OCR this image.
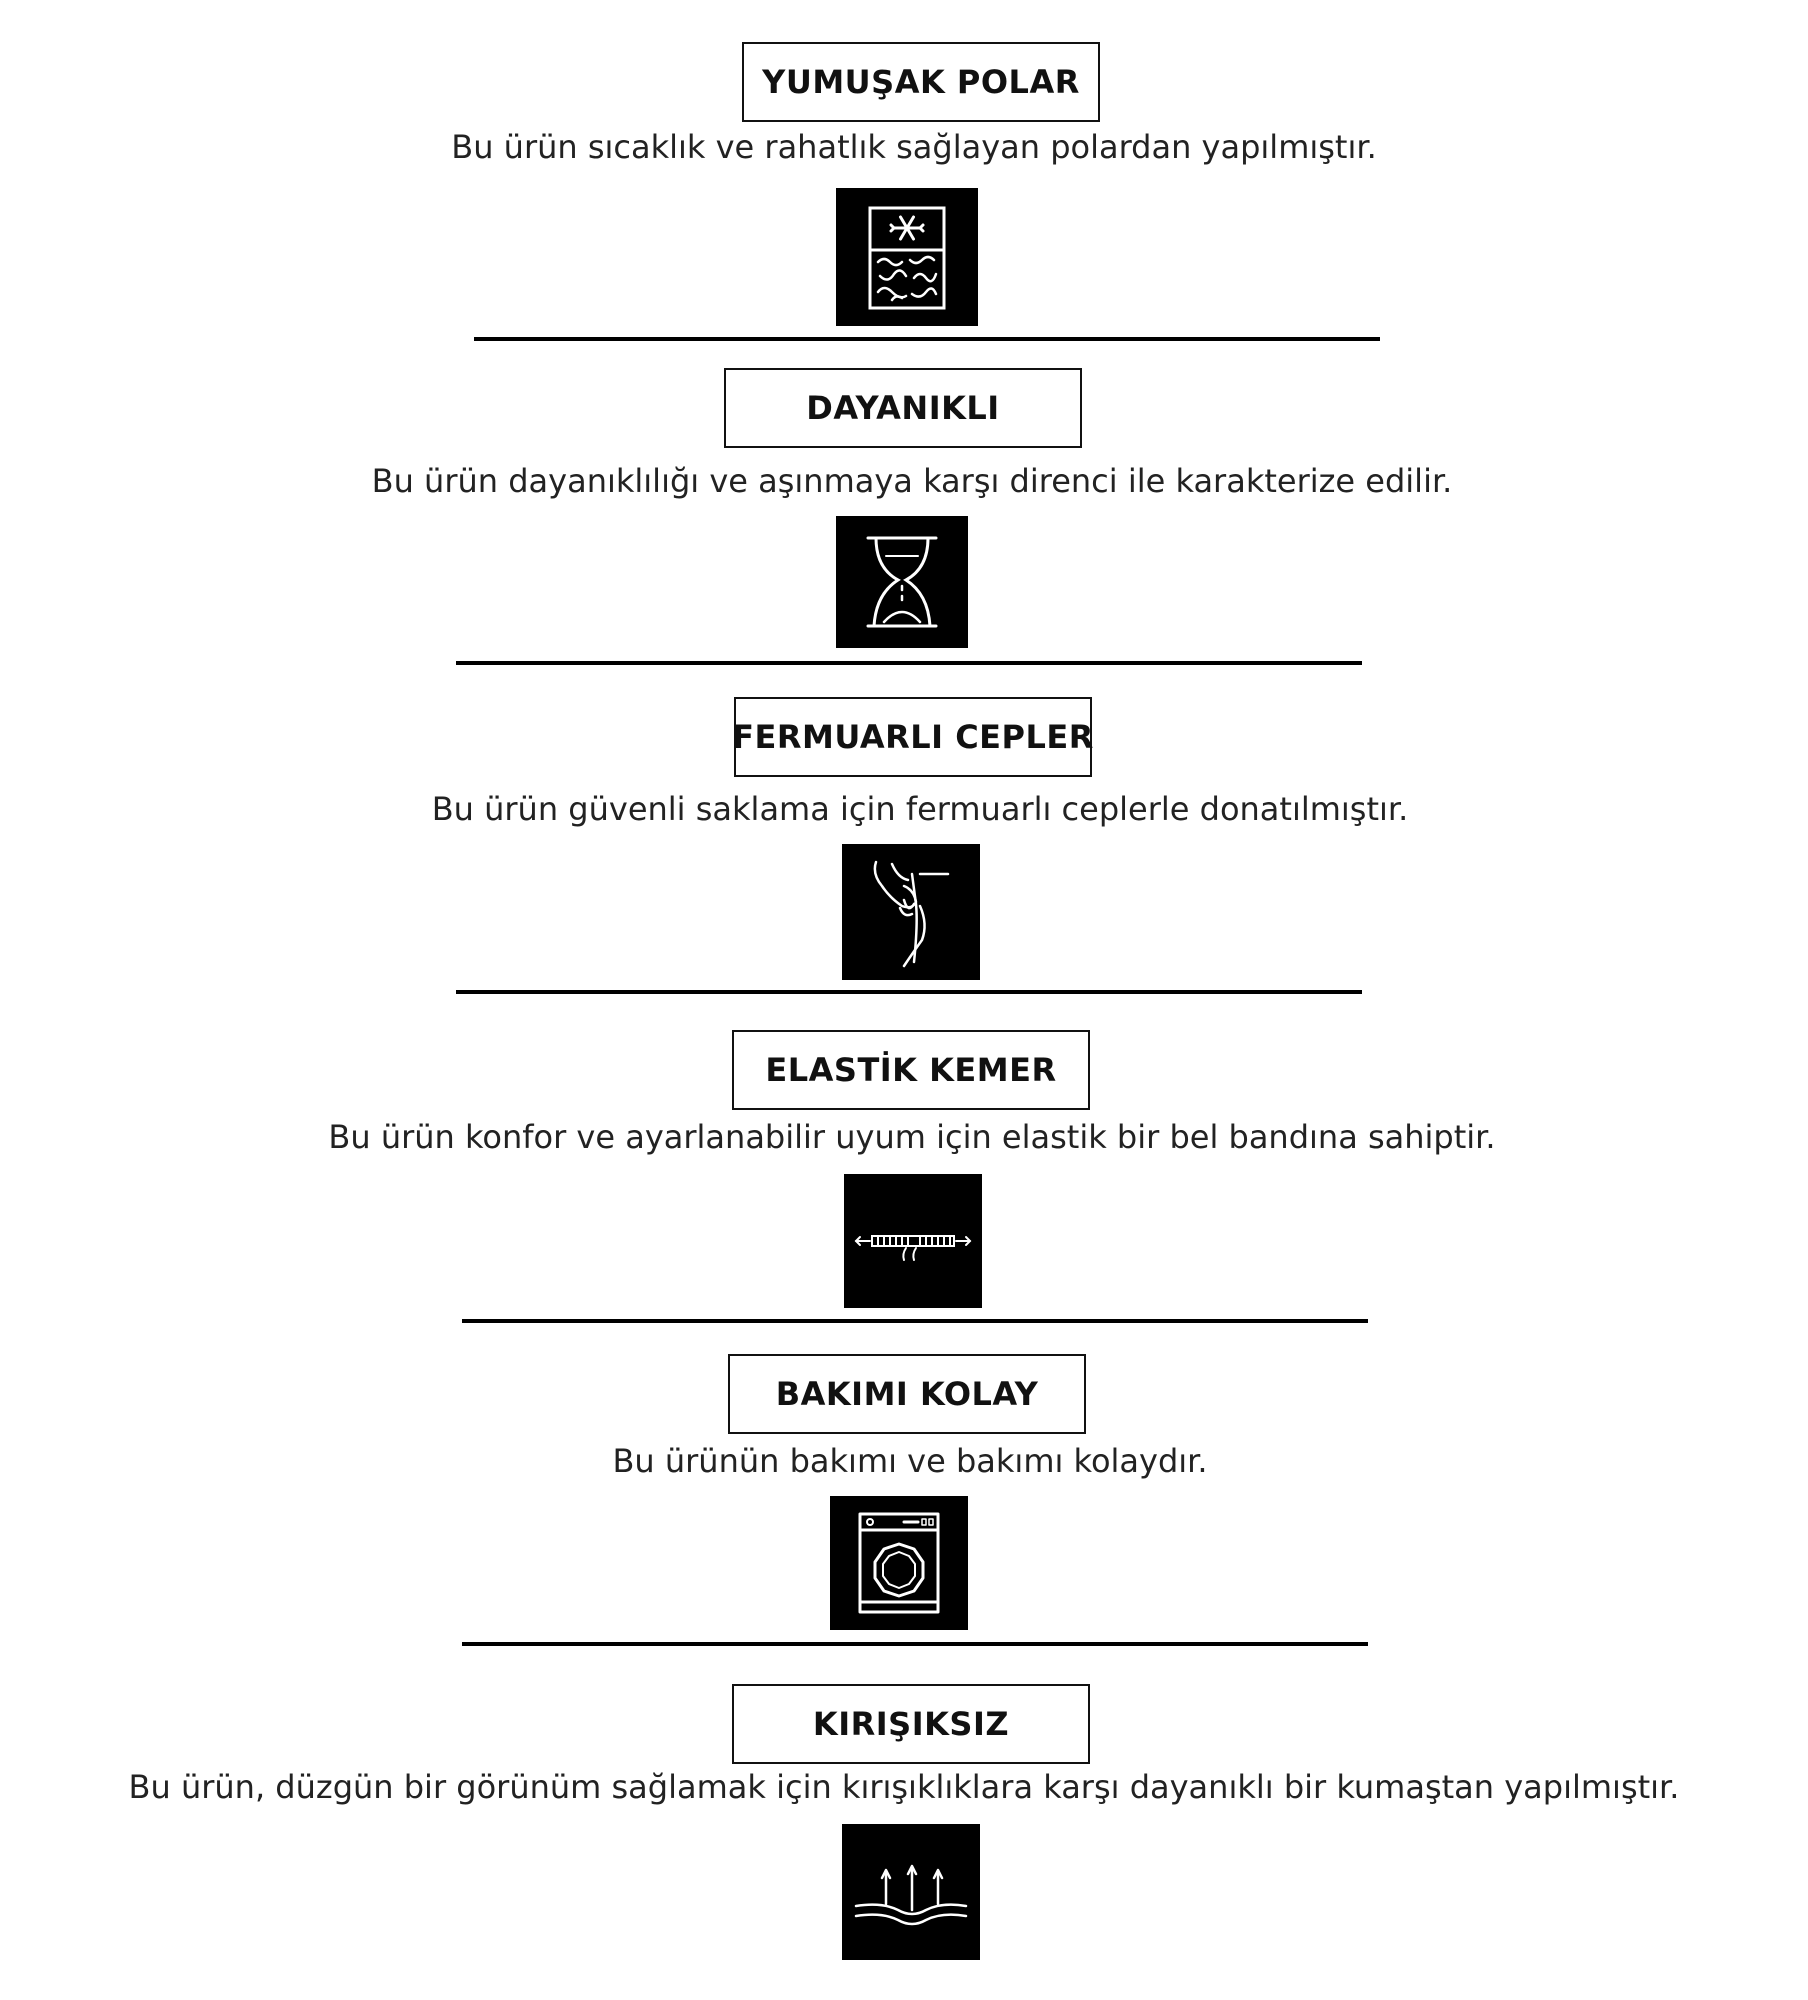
YUMUŞAK POLAR
Bu ürün sıcaklık ve rahatlık sağlayan polardan yapılmıştır.
DAYANIKLI
Bu ürün dayanıklılığı ve aşınmaya karşı direnci ile karakterize edilir.
FERMUARLI CEPLER
Bu ürün güvenli saklama için fermuarlı ceplerle donatılmıştır.
ELASTİK KEMER
Bu ürün konfor ve ayarlanabilir uyum için elastik bir bel bandına sahiptir.
BAKIMI KOLAY
Bu ürünün bakımı ve bakımı kolaydır.
KIRIŞIKSIZ
Bu ürün, düzgün bir görünüm sağlamak için kırışıklıklara karşı dayanıklı bir kumaştan yapılmıştır.
